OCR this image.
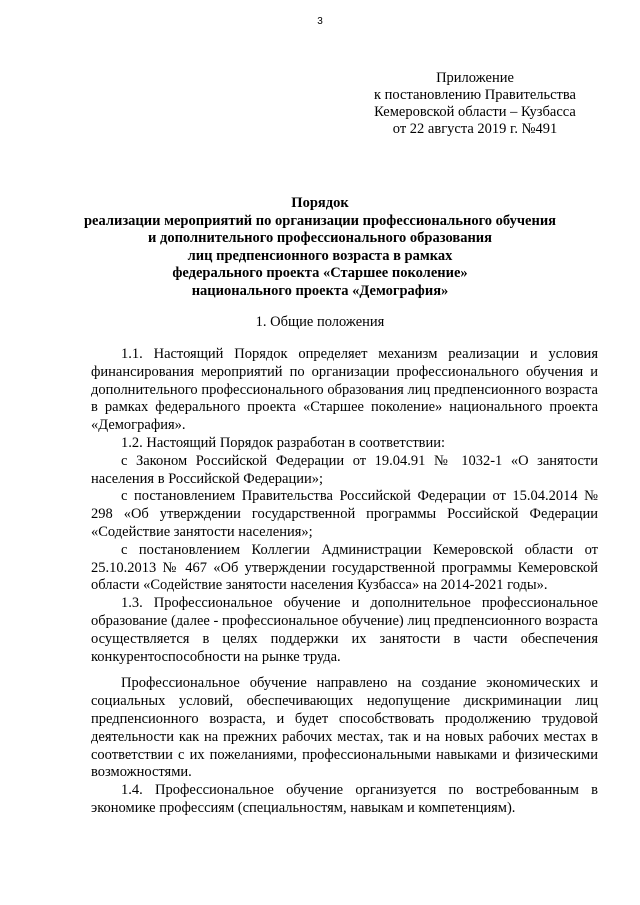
3
Приложение
к постановлению Правительства
Кемеровской области – Кузбасса
от 22 августа 2019 г. №491
Порядок
реализации мероприятий по организации профессионального обучения
и дополнительного профессионального образования
лиц предпенсионного возраста в рамках
федерального проекта «Старшее поколение»
национального проекта «Демография»
1. Общие положения

1.1. Настоящий Порядок определяет механизм реализации и условия финансирования мероприятий по организации профессионального обучения и дополнительного профессионального образования лиц предпенсионного возраста в рамках федерального проекта «Старшее поколение» национального проекта «Демография».

1.2. Настоящий Порядок разработан в соответствии:

с Законом Российской Федерации от 19.04.91 № 1032-1 «О занятости населения в Российской Федерации»;

с постановлением Правительства Российской Федерации от 15.04.2014 № 298 «Об утверждении государственной программы Российской Федерации «Содействие занятости населения»;

с постановлением Коллегии Администрации Кемеровской области от 25.10.2013 № 467 «Об утверждении государственной программы Кемеровской области «Содействие занятости населения Кузбасса» на 2014-2021 годы».

1.3. Профессиональное обучение и дополнительное профессиональное образование (далее - профессиональное обучение) лиц предпенсионного возраста осуществляется в целях поддержки их занятости в части обеспечения конкурентоспособности на рынке труда.

Профессиональное обучение направлено на создание экономических и социальных условий, обеспечивающих недопущение дискриминации лиц предпенсионного возраста, и будет способствовать продолжению трудовой деятельности как на прежних рабочих местах, так и на новых рабочих местах в соответствии с их пожеланиями, профессиональными навыками и физическими возможностями.

1.4. Профессиональное обучение организуется по востребованным в экономике профессиям (специальностям, навыкам и компетенциям).
